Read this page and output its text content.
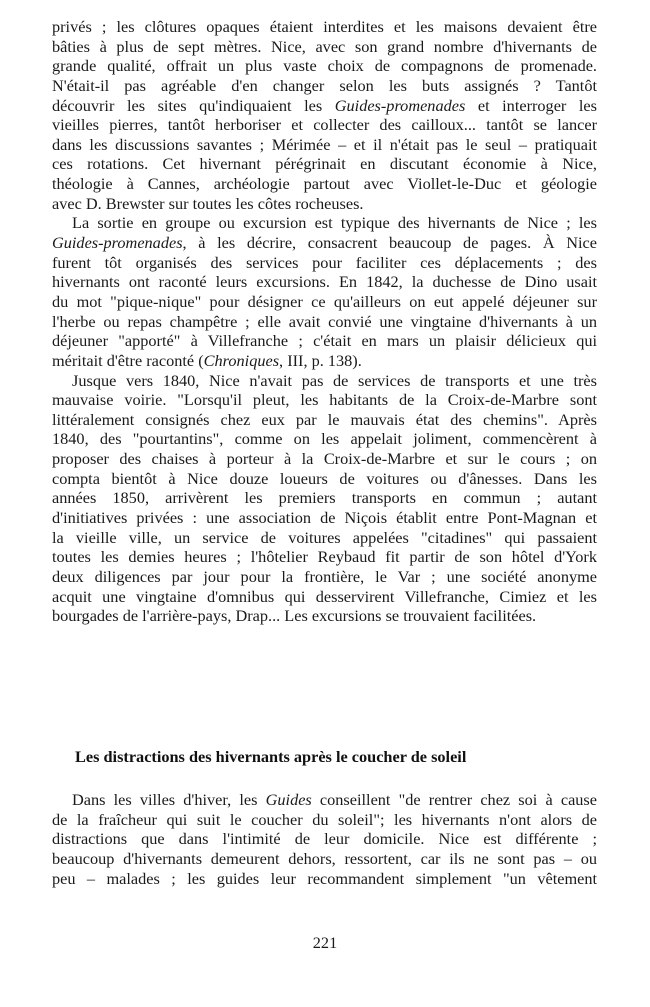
privés ; les clôtures opaques étaient interdites et les maisons devaient être
bâties à plus de sept mètres. Nice, avec son grand nombre d'hivernants de
grande qualité, offrait un plus vaste choix de compagnons de promenade.
N'était-il pas agréable d'en changer selon les buts assignés ? Tantôt
découvrir les sites qu'indiquaient les Guides-promenades et interroger les
vieilles pierres, tantôt herboriser et collecter des cailloux... tantôt se lancer
dans les discussions savantes ; Mérimée – et il n'était pas le seul – pratiquait
ces rotations. Cet hivernant pérégrinait en discutant économie à Nice,
théologie à Cannes, archéologie partout avec Viollet-le-Duc et géologie
avec D. Brewster sur toutes les côtes rocheuses.
La sortie en groupe ou excursion est typique des hivernants de Nice ; les
Guides-promenades, à les décrire, consacrent beaucoup de pages. À Nice
furent tôt organisés des services pour faciliter ces déplacements ; des
hivernants ont raconté leurs excursions. En 1842, la duchesse de Dino usait
du mot "pique-nique" pour désigner ce qu'ailleurs on eut appelé déjeuner sur
l'herbe ou repas champêtre ; elle avait convié une vingtaine d'hivernants à un
déjeuner "apporté" à Villefranche ; c'était en mars un plaisir délicieux qui
méritait d'être raconté (Chroniques, III, p. 138).
Jusque vers 1840, Nice n'avait pas de services de transports et une très
mauvaise voirie. "Lorsqu'il pleut, les habitants de la Croix-de-Marbre sont
littéralement consignés chez eux par le mauvais état des chemins". Après
1840, des "pourtantins", comme on les appelait joliment, commencèrent à
proposer des chaises à porteur à la Croix-de-Marbre et sur le cours ; on
compta bientôt à Nice douze loueurs de voitures ou d'ânesses. Dans les
années 1850, arrivèrent les premiers transports en commun ; autant
d'initiatives privées : une association de Niçois établit entre Pont-Magnan et
la vieille ville, un service de voitures appelées "citadines" qui passaient
toutes les demies heures ; l'hôtelier Reybaud fit partir de son hôtel d'York
deux diligences par jour pour la frontière, le Var ; une société anonyme
acquit une vingtaine d'omnibus qui desservirent Villefranche, Cimiez et les
bourgades de l'arrière-pays, Drap... Les excursions se trouvaient facilitées.
Les distractions des hivernants après le coucher de soleil
Dans les villes d'hiver, les Guides conseillent "de rentrer chez soi à cause
de la fraîcheur qui suit le coucher du soleil"; les hivernants n'ont alors de
distractions que dans l'intimité de leur domicile. Nice est différente ;
beaucoup d'hivernants demeurent dehors, ressortent, car ils ne sont pas – ou
peu – malades ; les guides leur recommandent simplement "un vêtement
221
